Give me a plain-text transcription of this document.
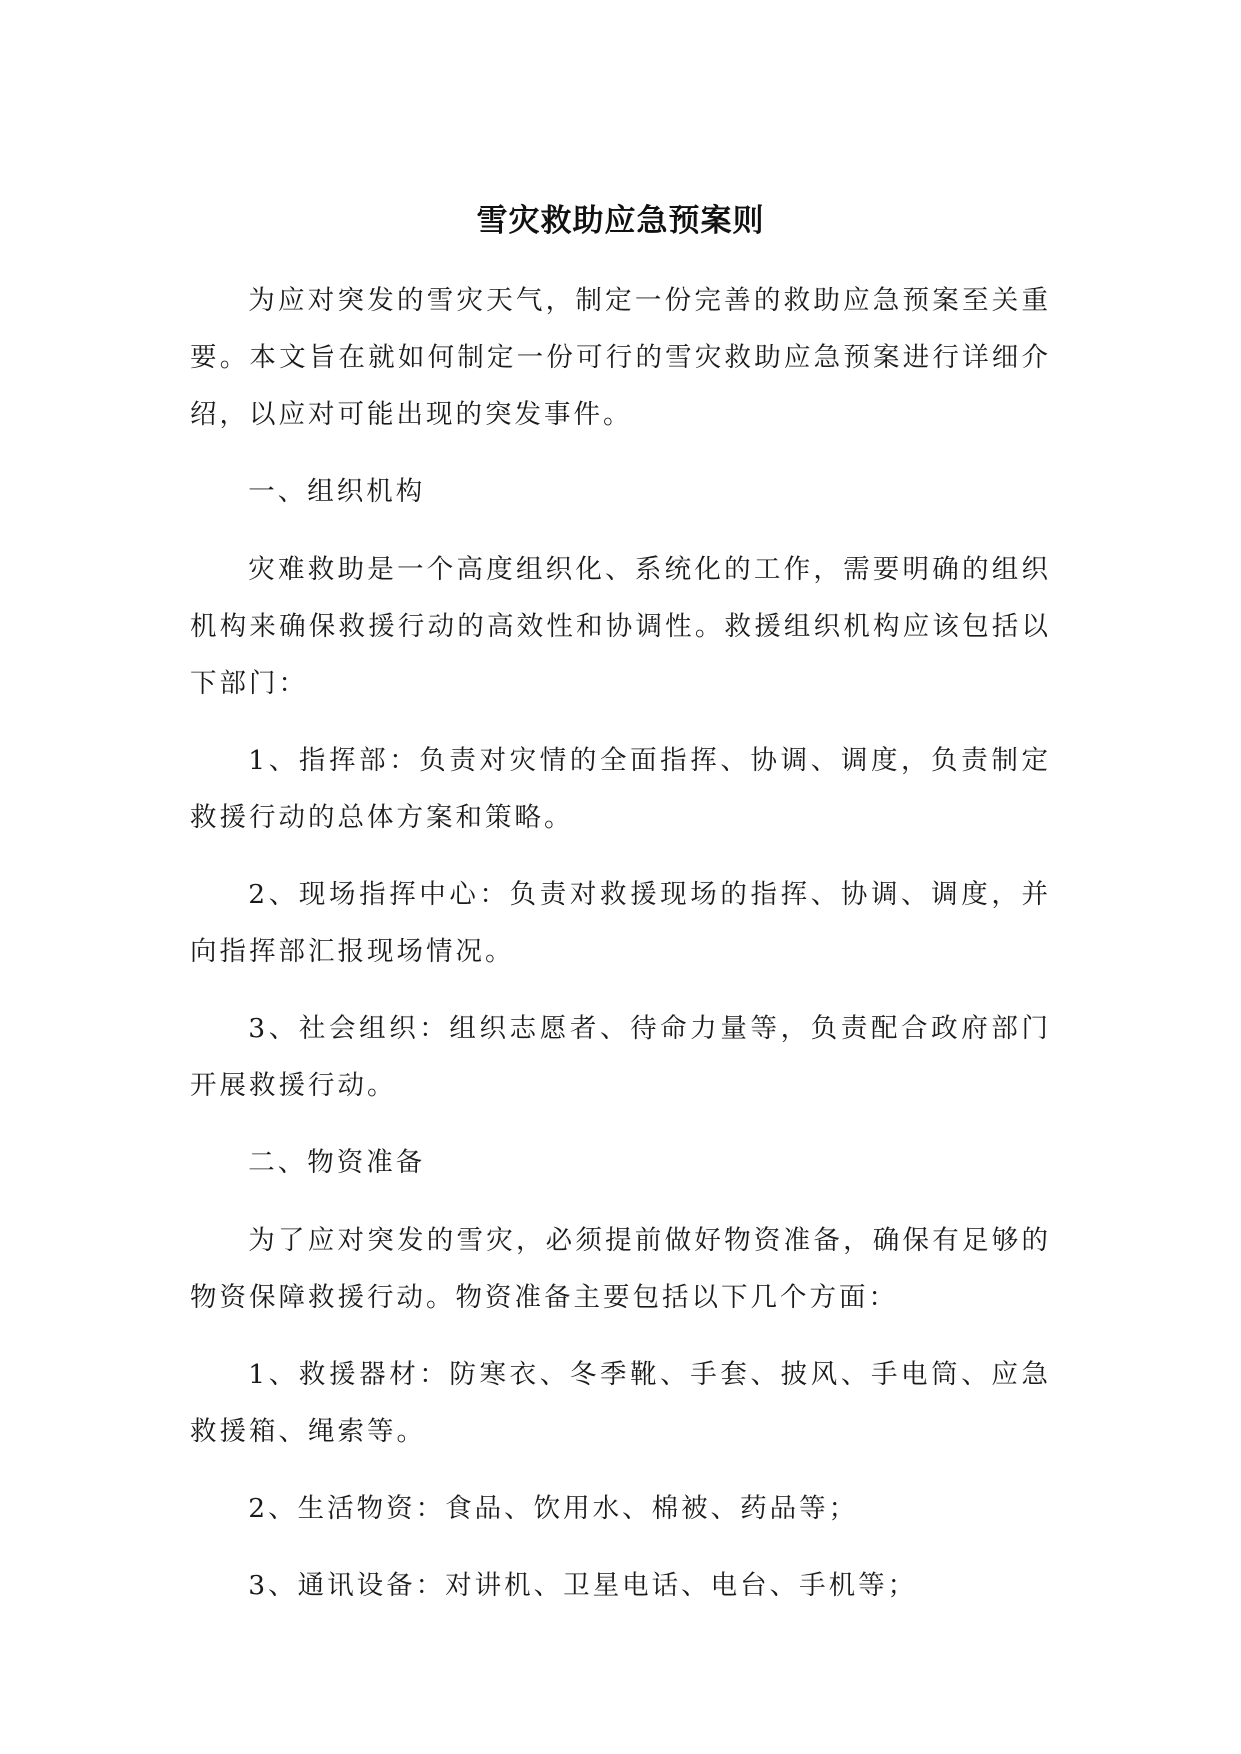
雪灾救助应急预案则

为应对突发的雪灾天气，制定一份完善的救助应急预案至关重要。本文旨在就如何制定一份可行的雪灾救助应急预案进行详细介绍，以应对可能出现的突发事件。

一、组织机构

灾难救助是一个高度组织化、系统化的工作，需要明确的组织机构来确保救援行动的高效性和协调性。救援组织机构应该包括以下部门：

1、指挥部：负责对灾情的全面指挥、协调、调度，负责制定救援行动的总体方案和策略。

2、现场指挥中心：负责对救援现场的指挥、协调、调度，并向指挥部汇报现场情况。

3、社会组织：组织志愿者、待命力量等，负责配合政府部门开展救援行动。

二、物资准备

为了应对突发的雪灾，必须提前做好物资准备，确保有足够的物资保障救援行动。物资准备主要包括以下几个方面：

1、救援器材：防寒衣、冬季靴、手套、披风、手电筒、应急救援箱、绳索等。

2、生活物资：食品、饮用水、棉被、药品等；

3、通讯设备：对讲机、卫星电话、电台、手机等；
